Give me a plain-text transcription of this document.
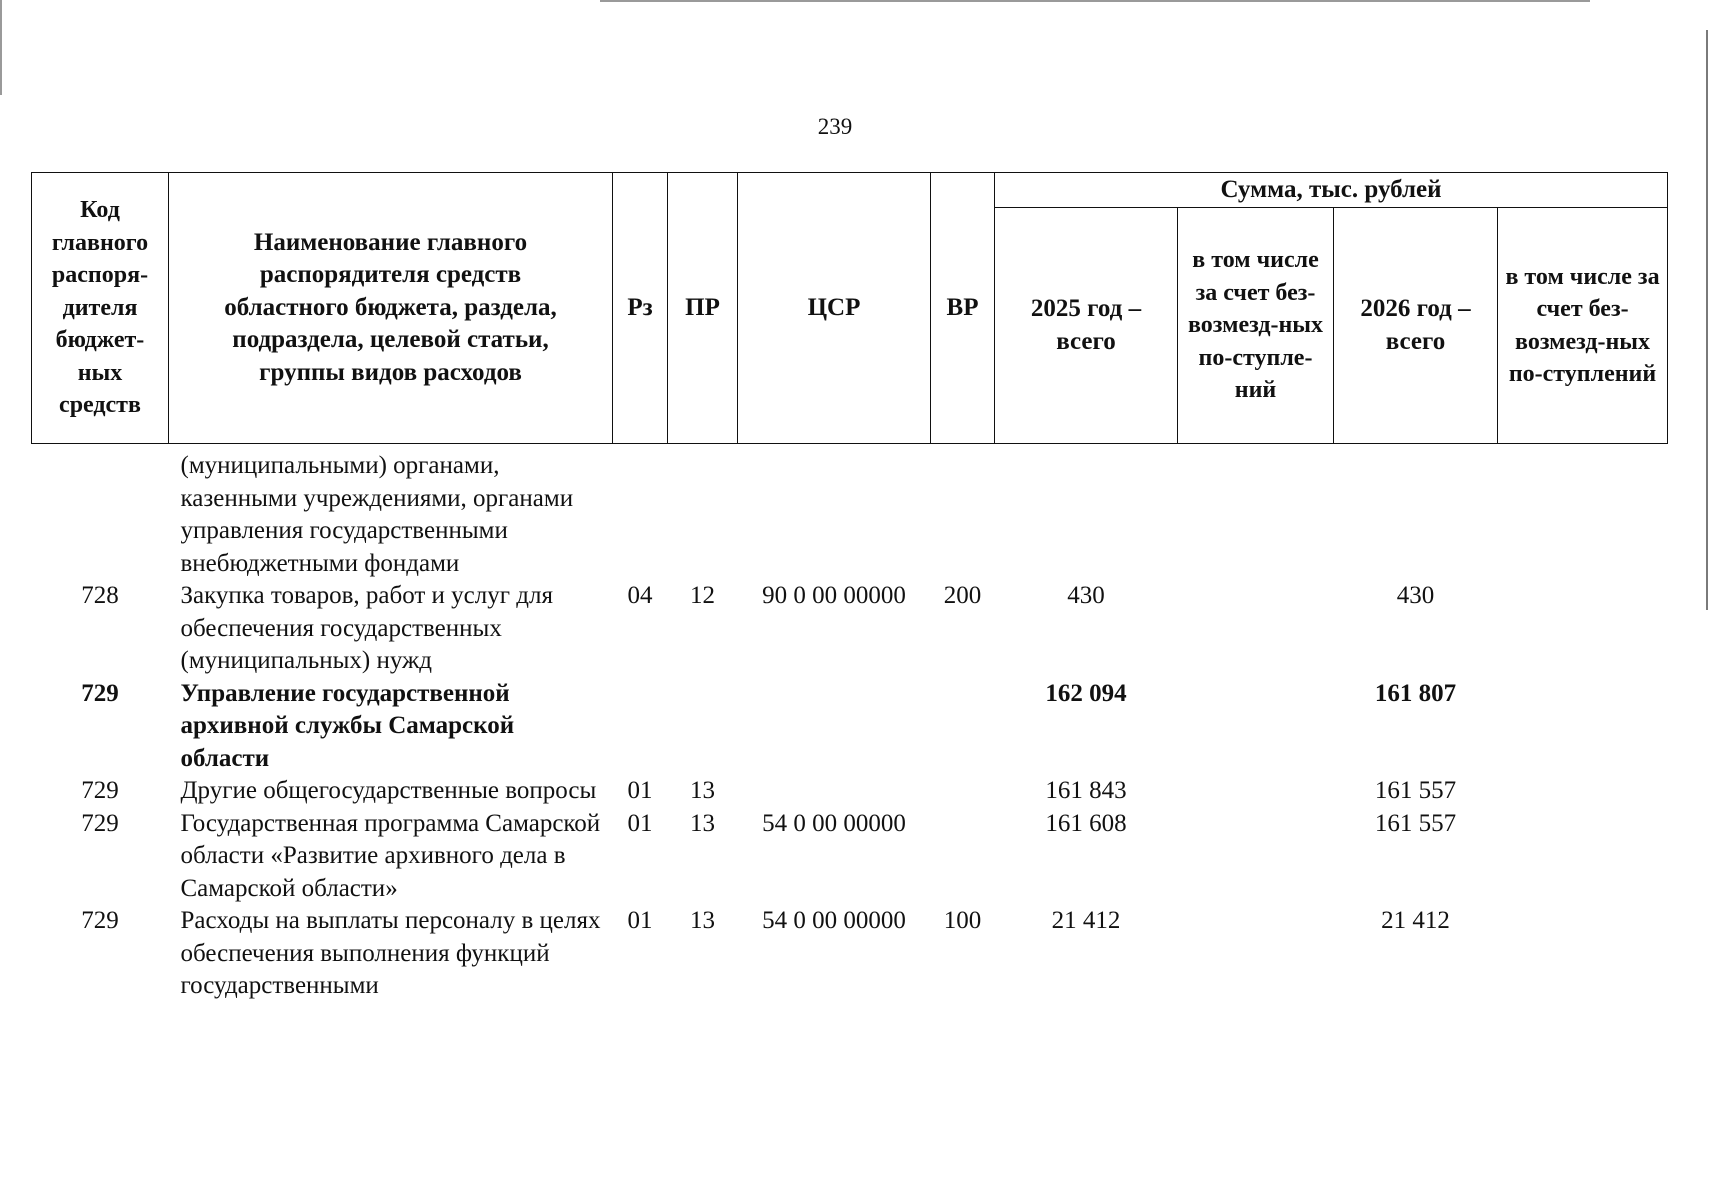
239
Код главного распоря-дителя бюджет-ных средств	Наименование главного распорядителя средств областного бюджета, раздела, подраздела, целевой статьи, группы видов расходов	Рз	ПР	ЦСР	ВР	Сумма, тыс. рублей			
						2025 год – всего	в том числе за счет без-возмезд-ных по-ступле-ний	2026 год – всего	в том числе за счет без-возмезд-ных по-ступлений
	(муниципальными) органами, казенными учреждениями, органами управления государственными внебюджетными фондами								
728	Закупка товаров, работ и услуг для обеспечения государственных (муниципальных) нужд	04	12	90 0 00 00000	200	430		430	
729	Управление государственной архивной службы Самарской области					162 094		161 807	
729	Другие общегосударственные вопросы	01	13			161 843		161 557	
729	Государственная программа Самарской области «Развитие архивного дела в Самарской области»	01	13	54 0 00 00000		161 608		161 557	
729	Расходы на выплаты персоналу в целях обеспечения выполнения функций государственными	01	13	54 0 00 00000	100	21 412		21 412	
